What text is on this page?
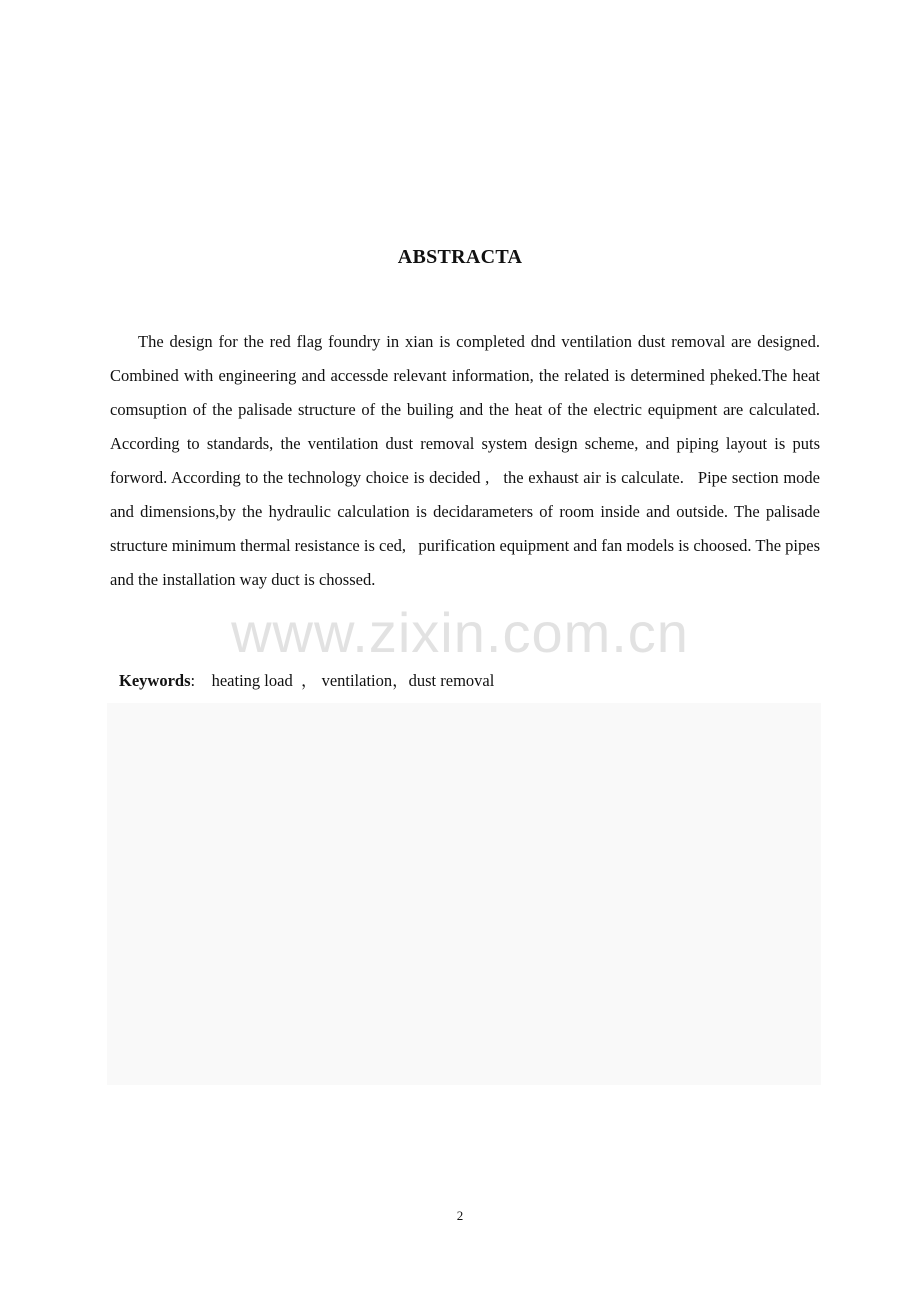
ABSTRACTA

The design for the red flag foundry in xian is completed dnd ventilation dust removal are designed. Combined with engineering and accessde relevant information, the related is determined pheked.The heat comsuption of the palisade structure of the builing and the heat of the electric equipment are calculated. According to standards, the ventilation dust removal system design scheme, and piping layout is puts forword. According to the technology choice is decided ,   the exhaust air is calculate.   Pipe section mode and dimensions,by the hydraulic calculation is decidarameters of room inside and outside. The palisade structure minimum thermal resistance is ced,   purification equipment and fan models is choosed. The pipes and the installation way duct is chossed.

www.zixin.com.cn
Keywords: heating load  ， ventilation，dust removal
2
